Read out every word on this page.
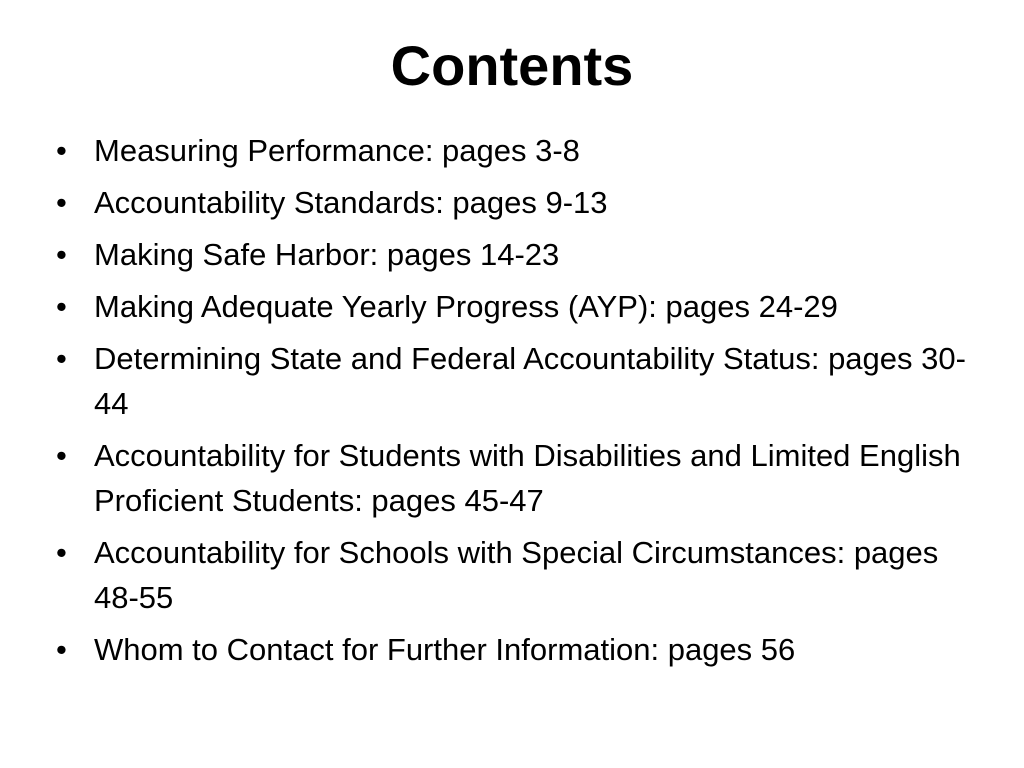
Contents
• Measuring Performance: pages 3-8
• Accountability Standards: pages 9-13
• Making Safe Harbor: pages 14-23
• Making Adequate Yearly Progress (AYP): pages 24-29
• Determining State and Federal Accountability Status: pages 30-44
• Accountability for Students with Disabilities and Limited English Proficient Students: pages 45-47
• Accountability for Schools with Special Circumstances: pages 48-55
• Whom to Contact for Further Information: pages 56
